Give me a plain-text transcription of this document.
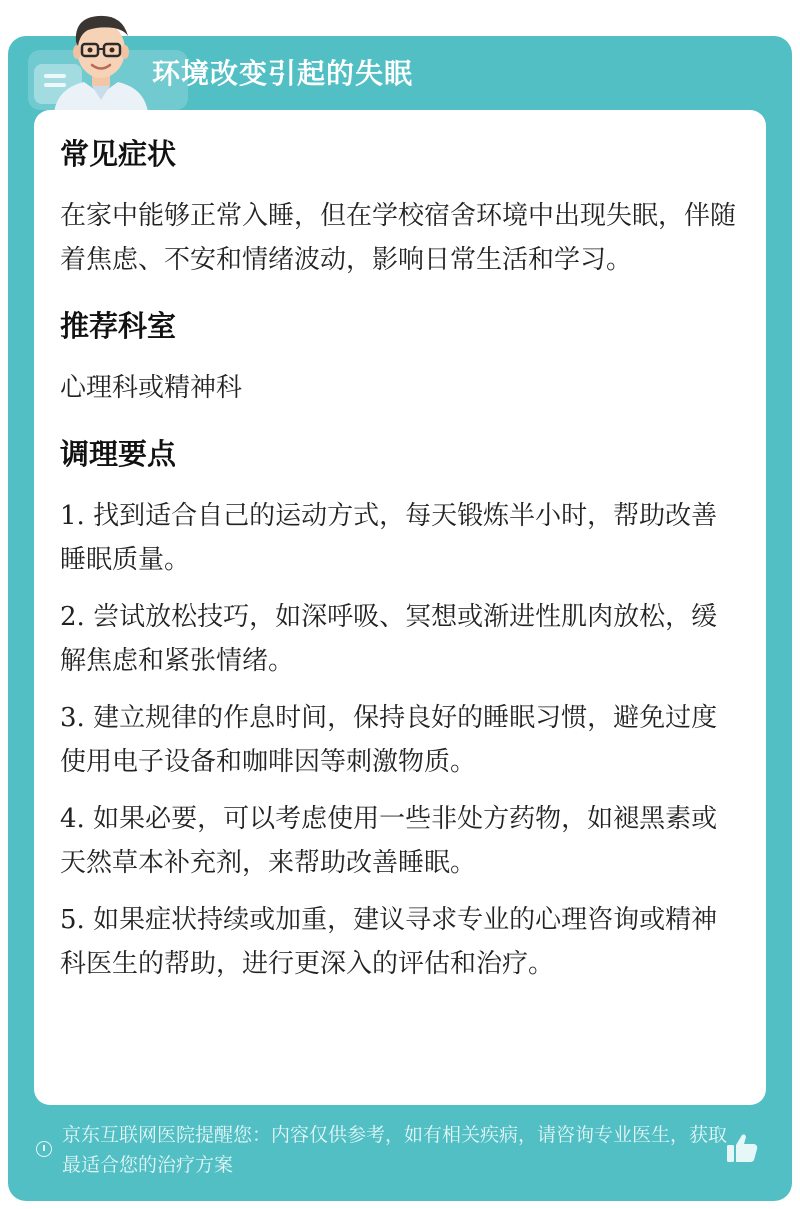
环境改变引起的失眠
常见症状

在家中能够正常入睡，但在学校宿舍环境中出现失眠，伴随着焦虑、不安和情绪波动，影响日常生活和学习。

推荐科室

心理科或精神科

调理要点
1. 找到适合自己的运动方式，每天锻炼半小时，帮助改善睡眠质量。
2. 尝试放松技巧，如深呼吸、冥想或渐进性肌肉放松，缓解焦虑和紧张情绪。
3. 建立规律的作息时间，保持良好的睡眠习惯，避免过度使用电子设备和咖啡因等刺激物质。
4. 如果必要，可以考虑使用一些非处方药物，如褪黑素或天然草本补充剂，来帮助改善睡眠。
5. 如果症状持续或加重，建议寻求专业的心理咨询或精神科医生的帮助，进行更深入的评估和治疗。
京东互联网医院提醒您：内容仅供参考，如有相关疾病，请咨询专业医生，获取最适合您的治疗方案
